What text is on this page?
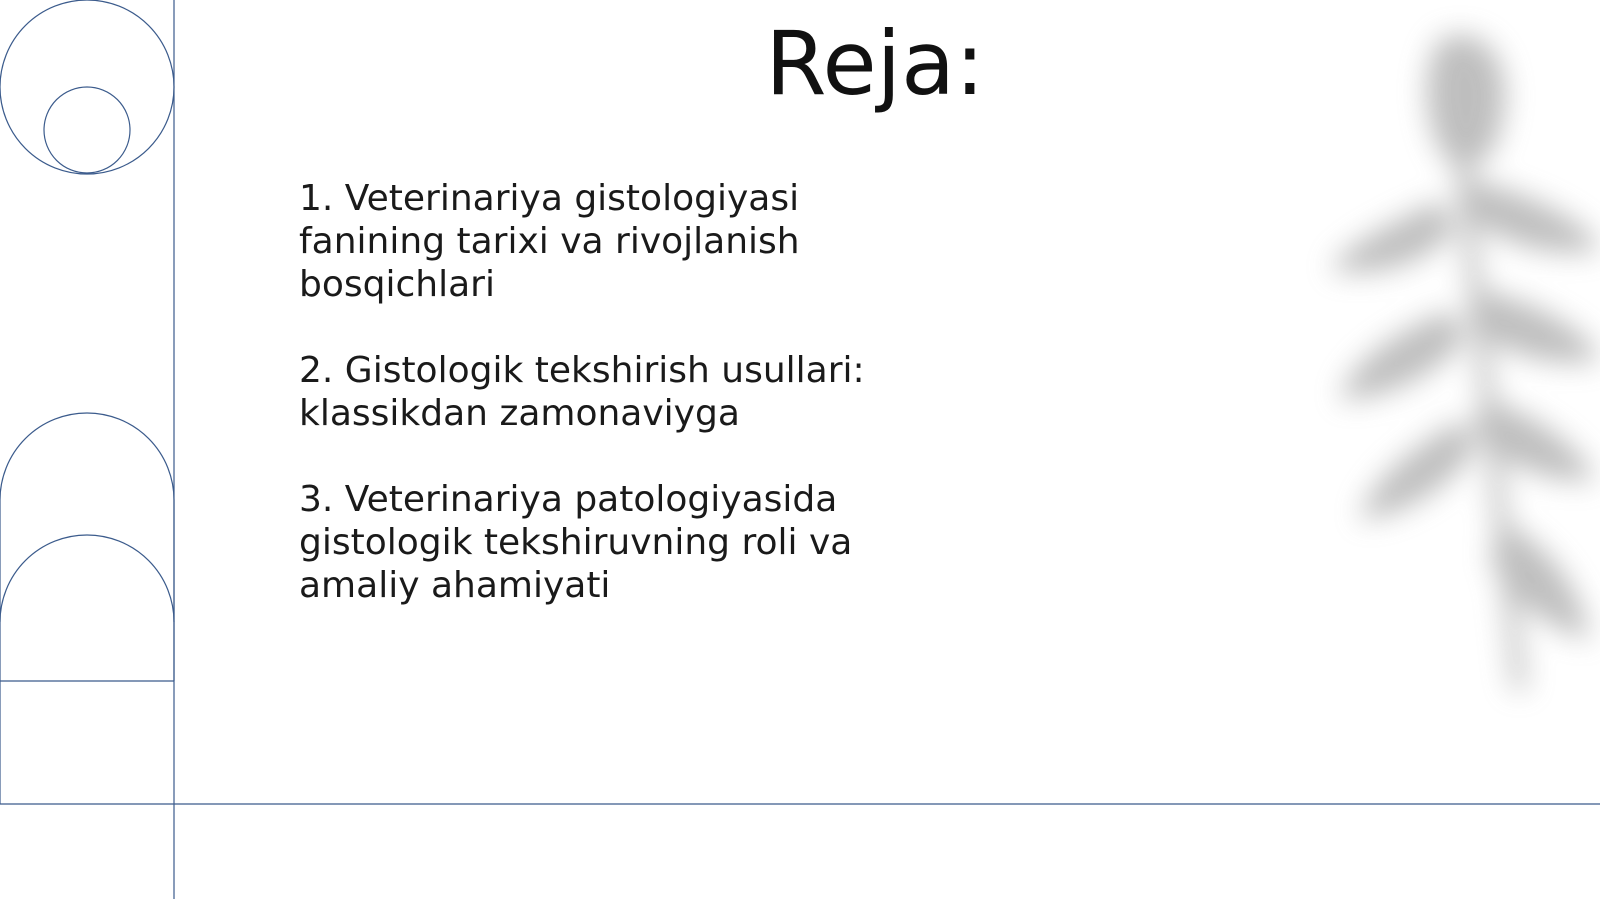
Reja:
1. Veterinariya gistologiyasi fanining tarixi va rivojlanish bosqichlari
2. Gistologik tekshirish usullari: klassikdan zamonaviyga
3. Veterinariya patologiyasida gistologik tekshiruvning roli va amaliy ahamiyati
